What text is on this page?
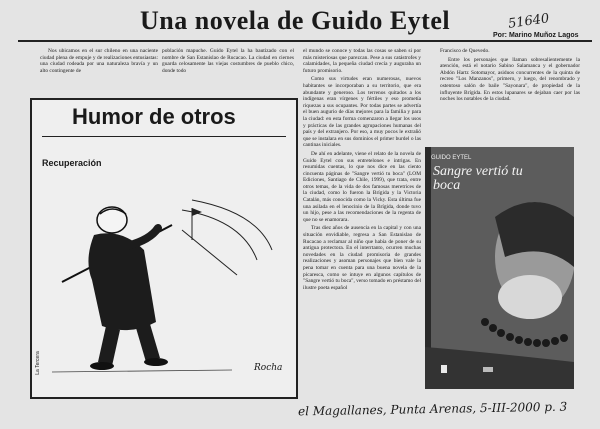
Una novela de Guido Eytel	51640
Por: Marino Muñoz Lagos

Nos ubicamos en el sur chileno en una naciente ciudad plena de empuje y de realizaciones entusiastas: una ciudad rodeada por una naturaleza bravía y un alto contingente de

población mapuche. Guido Eytel la ha bautizado con el nombre de San Estanislao de Rucacao. La ciudad en ciernes guarda celosamente las viejas costumbres de pueblo chico, donde todo

el mundo se conoce y todas las cosas se saben si por más misteriosas que parezcan. Pese a sus catástrofes y calamidades, la pequeña ciudad crecía y auguraba un futuro promisorio.

Como sus virtudes eran numerosas, nuevos habitantes se incorporaban a su territorio, que era abundante y generoso. Los terrenos quitados a los indígenas eran vírgenes y fértiles y eso prometía riquezas a sus ocupantes. Por todas partes se advertía el buen augurio de días mejores para la familia y para la ciudad: en esta forma comenzaron a llegar los usos y prácticas de las grandes agrupaciones humanas del país y del extranjero. Por eso, a muy pocos le extrañó que se instalara en sus dominios el primer burdel o las cantinas iniciales.

De ahí en adelante, viene el relato de la novela de Guido Eytel con sus entretelones e intrigas. En resumidas cuentas, lo que nos dice en las ciento cincuenta páginas de "Sangre vertió tu boca" (LOM Ediciones, Santiago de Chile, 1999), que trata, entre otros temas, de la vida de dos famosas meretrices de la ciudad, como lo fueron la Brígida y la Victoria Catalán, más conocida como la Vicky. Esta última fue una asilada en el lenocinio de la Brígida, donde tuvo un hijo, pese a las recomendaciones de la regenta de que no se enamorara.

Tras diez años de ausencia en la capital y con una situación envidiable, regresa a San Estanislao de Rucacao a reclamar al niño que había de poner de su antigua protectora. En el interrtanto, ocurren muchas novedades en la ciudad promisoria de grandes realizaciones y asoman personajes que bien vale la pena tomar en cuenta para una buena novela de la picaresca, como se intuye en algunos capítulos de "Sangre vertió tu boca", verso tomado en préstamo del ilustre poeta español

Francisco de Quevedo.

Entre los personajes que llaman sobresalientemente la atención, está el notario Sabino Salamanca y el gobernador Abdón Hartz Sotomayor, asiduos concurrentes de la quinta de recreo "Los Manzanos", primero, y luego, del renombrado y ostentoso salón de baile "Sayonara", de propiedad de la influyente Brígida. En estos lupanares se dejaban caer por las noches los notables de la ciudad.

Humor de otros
Recuperación
La Tercera	Rocha
GUIDO EYTEL
Sangre vertió tu boca
el Magallanes, Punta Arenas, 5-III-2000 p. 3
